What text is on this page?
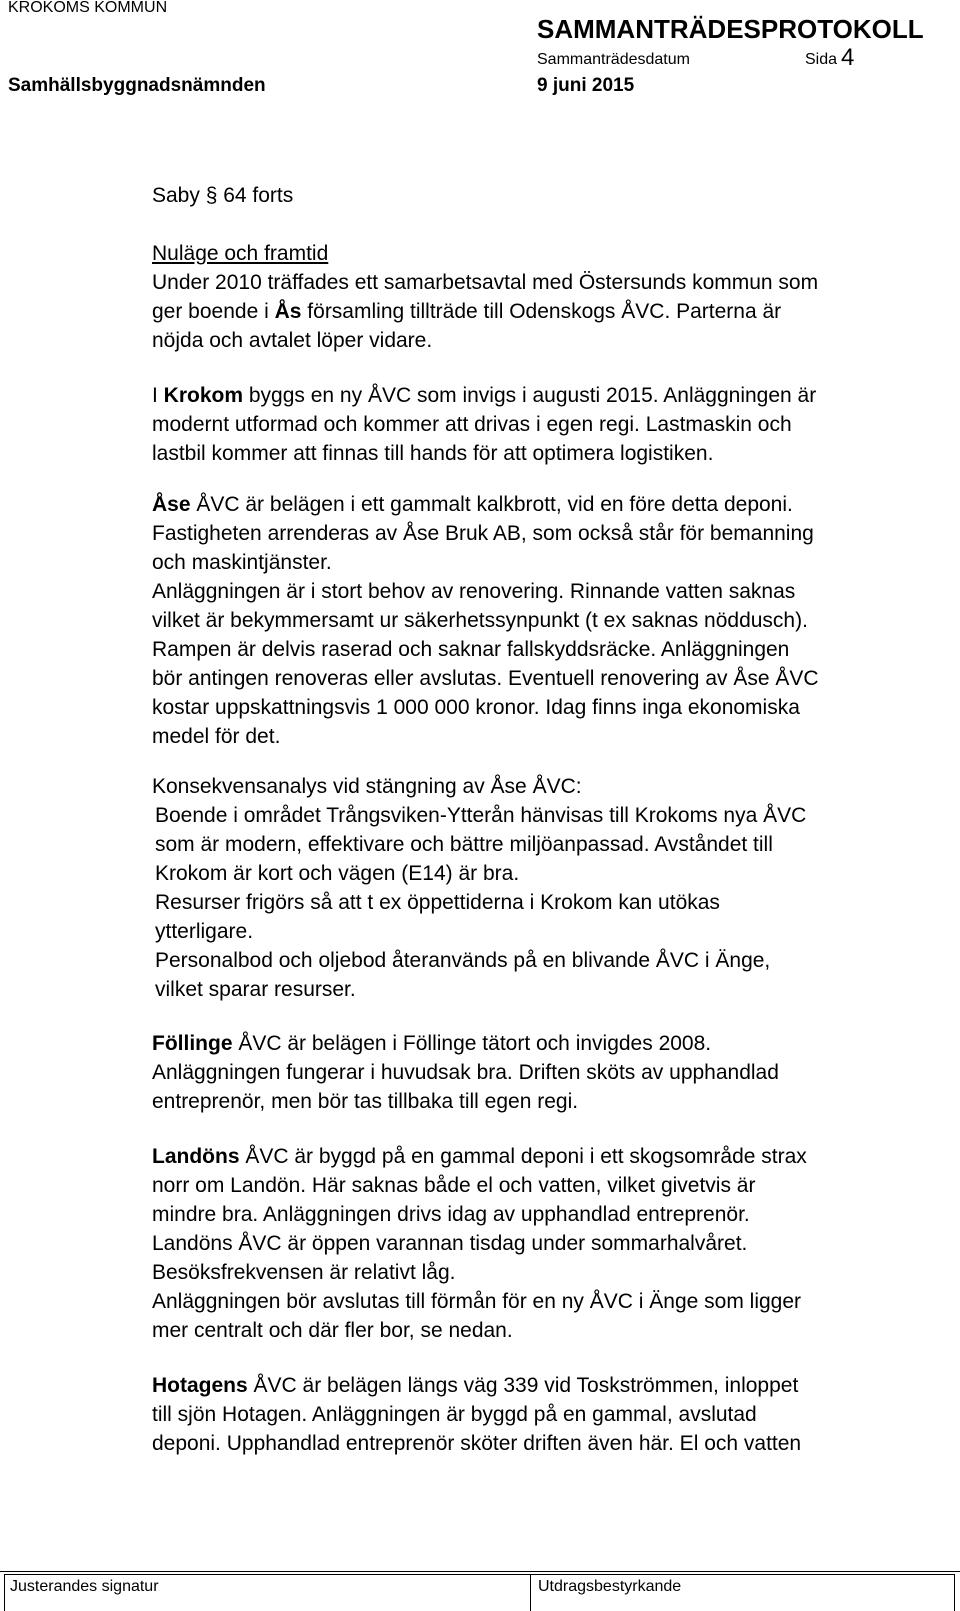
KROKOMS KOMMUN
SAMMANTRÄDESPROTOKOLL
Sammanträdesdatum	Sida 4
Samhällsbyggnadsnämnden	9 juni 2015
Saby § 64 forts
Nuläge och framtid
Under 2010 träffades ett samarbetsavtal med Östersunds kommun som
ger boende i Ås församling tillträde till Odenskogs ÅVC. Parterna är
nöjda och avtalet löper vidare.
I Krokom byggs en ny ÅVC som invigs i augusti 2015. Anläggningen är
modernt utformad och kommer att drivas i egen regi. Lastmaskin och
lastbil kommer att finnas till hands för att optimera logistiken.
Åse ÅVC är belägen i ett gammalt kalkbrott, vid en före detta deponi.
Fastigheten arrenderas av Åse Bruk AB, som också står för bemanning
och maskintjänster.
Anläggningen är i stort behov av renovering. Rinnande vatten saknas
vilket är bekymmersamt ur säkerhetssynpunkt (t ex saknas nöddusch).
Rampen är delvis raserad och saknar fallskyddsräcke. Anläggningen
bör antingen renoveras eller avslutas. Eventuell renovering av Åse ÅVC
kostar uppskattningsvis 1 000 000 kronor. Idag finns inga ekonomiska
medel för det.
Konsekvensanalys vid stängning av Åse ÅVC:
Boende i området Trångsviken-Ytterån hänvisas till Krokoms nya ÅVC
som är modern, effektivare och bättre miljöanpassad. Avståndet till
Krokom är kort och vägen (E14) är bra.
Resurser frigörs så att t ex öppettiderna i Krokom kan utökas
ytterligare.
Personalbod och oljebod återanvänds på en blivande ÅVC i Änge,
vilket sparar resurser.
Föllinge ÅVC är belägen i Föllinge tätort och invigdes 2008.
Anläggningen fungerar i huvudsak bra. Driften sköts av upphandlad
entreprenör, men bör tas tillbaka till egen regi.
Landöns ÅVC är byggd på en gammal deponi i ett skogsområde strax
norr om Landön. Här saknas både el och vatten, vilket givetvis är
mindre bra. Anläggningen drivs idag av upphandlad entreprenör.
Landöns ÅVC är öppen varannan tisdag under sommarhalvåret.
Besöksfrekvensen är relativt låg.
Anläggningen bör avslutas till förmån för en ny ÅVC i Änge som ligger
mer centralt och där fler bor, se nedan.
Hotagens ÅVC är belägen längs väg 339 vid Toskströmmen, inloppet
till sjön Hotagen. Anläggningen är byggd på en gammal, avslutad
deponi. Upphandlad entreprenör sköter driften även här. El och vatten
Justerandes signatur	Utdragsbestyrkande
